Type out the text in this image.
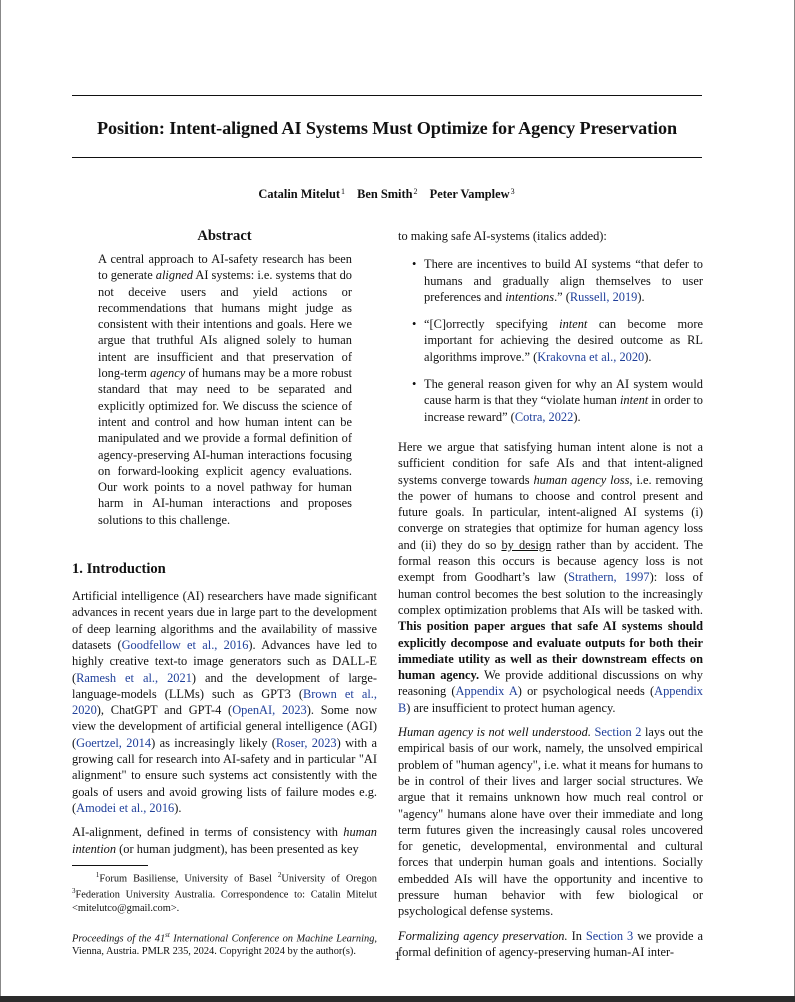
Position: Intent-aligned AI Systems Must Optimize for Agency Preservation
Catalin Mitelut$^1$ Ben Smith$^2$ Peter Vamplew$^3$
Abstract

A central approach to AI-safety research has been to generate aligned AI systems: i.e. systems that do not deceive users and yield actions or recommendations that humans might judge as consistent with their intentions and goals. Here we argue that truthful AIs aligned solely to human intent are insufficient and that preservation of long-term agency of humans may be a more robust standard that may need to be separated and explicitly optimized for. We discuss the science of intent and control and how human intent can be manipulated and we provide a formal definition of agency-preserving AI-human interactions focusing on forward-looking explicit agency evaluations. Our work points to a novel pathway for human harm in AI-human interactions and proposes solutions to this challenge.

1. Introduction

Artificial intelligence (AI) researchers have made significant advances in recent years due in large part to the development of deep learning algorithms and the availability of massive datasets (Goodfellow et al., 2016). Advances have led to highly creative text-to image generators such as DALL-E (Ramesh et al., 2021) and the development of large-language-models (LLMs) such as GPT3 (Brown et al., 2020), ChatGPT and GPT-4 (OpenAI, 2023). Some now view the development of artificial general intelligence (AGI) (Goertzel, 2014) as increasingly likely (Roser, 2023) with a growing call for research into AI-safety and in particular "AI alignment" to ensure such systems act consistently with the goals of users and avoid growing lists of failure modes e.g. (Amodei et al., 2016).

AI-alignment, defined in terms of consistency with human intention (or human judgment), has been presented as key

$^1$Forum Basiliense, University of Basel $^2$University of Oregon $^3$Federation University Australia. Correspondence to: Catalin Mitelut <mitelutco@gmail.com>.
Proceedings of the 41st International Conference on Machine Learning, Vienna, Austria. PMLR 235, 2024. Copyright 2024 by the author(s).

to making safe AI-systems (italics added):

• There are incentives to build AI systems “that defer to humans and gradually align themselves to user preferences and intentions.” (Russell, 2019).
• “[C]orrectly specifying intent can become more important for achieving the desired outcome as RL algorithms improve.” (Krakovna et al., 2020).
• The general reason given for why an AI system would cause harm is that they “violate human intent in order to increase reward” (Cotra, 2022).

Here we argue that satisfying human intent alone is not a sufficient condition for safe AIs and that intent-aligned systems converge towards human agency loss, i.e. removing the power of humans to choose and control present and future goals. In particular, intent-aligned AI systems (i) converge on strategies that optimize for human agency loss and (ii) they do so by design rather than by accident. The formal reason this occurs is because agency loss is not exempt from Goodhart’s law (Strathern, 1997): loss of human control becomes the best solution to the increasingly complex optimization problems that AIs will be tasked with. This position paper argues that safe AI systems should explicitly decompose and evaluate outputs for both their immediate utility as well as their downstream effects on human agency. We provide additional discussions on why reasoning (Appendix A) or psychological needs (Appendix B) are insufficient to protect human agency.

Human agency is not well understood. Section 2 lays out the empirical basis of our work, namely, the unsolved empirical problem of "human agency", i.e. what it means for humans to be in control of their lives and larger social structures. We argue that it remains unknown how much real control or "agency" humans alone have over their immediate and long term futures given the increasingly causal roles uncovered for genetic, developmental, environmental and cultural forces that underpin human goals and intentions. Socially embedded AIs will have the opportunity and incentive to pressure human behavior with few biological or psychological defense systems.

Formalizing agency preservation. In Section 3 we provide a formal definition of agency-preserving human-AI inter-

1
